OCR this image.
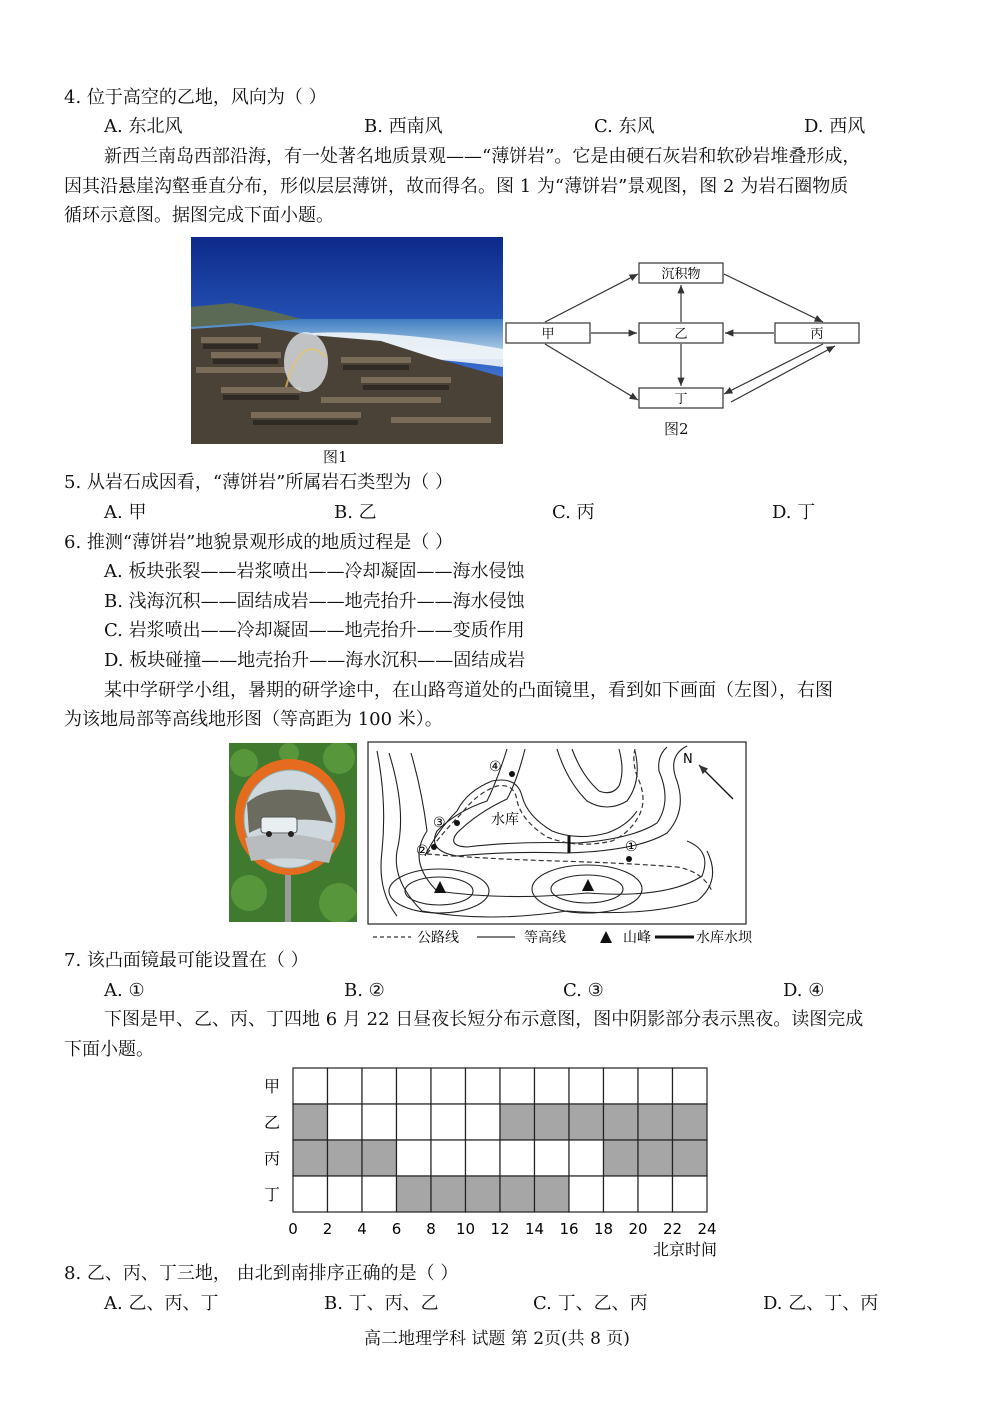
4. 位于高空的乙地，风向为（ ）
A. 东北风	B. 西南风	C. 东风	D. 西风
新西兰南岛西部沿海，有一处著名地质景观——“薄饼岩”。它是由硬石灰岩和软砂岩堆叠形成，
因其沿悬崖沟壑垂直分布，形似层层薄饼，故而得名。图 1 为“薄饼岩”景观图，图 2 为岩石圈物质
循环示意图。据图完成下面小题。
图1
沉积物
甲	乙	丙
丁
图2
5. 从岩石成因看，“薄饼岩”所属岩石类型为（ ）
A. 甲	B. 乙	C. 丙	D. 丁
6. 推测“薄饼岩”地貌景观形成的地质过程是（ ）
A. 板块张裂——岩浆喷出——冷却凝固——海水侵蚀
B. 浅海沉积——固结成岩——地壳抬升——海水侵蚀
C. 岩浆喷出——冷却凝固——地壳抬升——变质作用
D. 板块碰撞——地壳抬升——海水沉积——固结成岩
某中学研学小组，暑期的研学途中，在山路弯道处的凸面镜里，看到如下画面（左图），右图
为该地局部等高线地形图（等高距为 100 米）。
水库
④
③
②	①
N
公路线	等高线	山峰	水库水坝
7. 该凸面镜最可能设置在（ ）
A. ①	B. ②	C. ③	D. ④
下图是甲、乙、丙、丁四地 6 月 22 日昼夜长短分布示意图，图中阴影部分表示黑夜。读图完成
下面小题。
甲
乙
丙
丁
0 2 4 6 8 10 12 14 16 18 20 22 24
北京时间
8. 乙、丙、丁三地， 由北到南排序正确的是（ ）
A. 乙、丙、丁	B. 丁、丙、乙	C. 丁、乙、丙	D. 乙、丁、丙
高二地理学科 试题 第 2页(共 8 页)
